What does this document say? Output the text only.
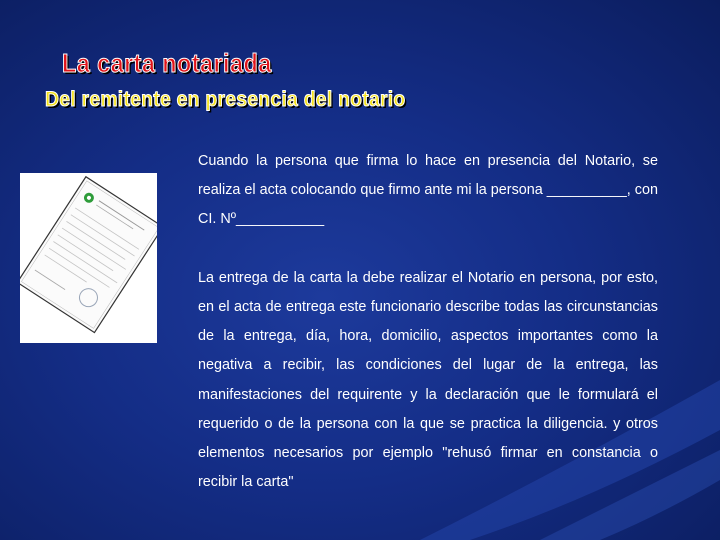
La carta notariada
Del remitente en presencia del notario

Cuando la persona que firma lo hace en presencia del Notario, se realiza el acta colocando que firmo ante mi la persona __________, con CI. Nº___________

La entrega de la carta la debe realizar el Notario en persona, por esto, en el acta de entrega este funcionario describe todas las circunstancias de la entrega, día, hora, domicilio, aspectos importantes como la negativa a recibir, las condiciones del lugar de la entrega, las manifestaciones del requirente y la declaración que le formulará el requerido o de la persona con la que se practica la diligencia. y otros elementos necesarios por ejemplo "rehusó firmar en constancia o recibir la carta"
